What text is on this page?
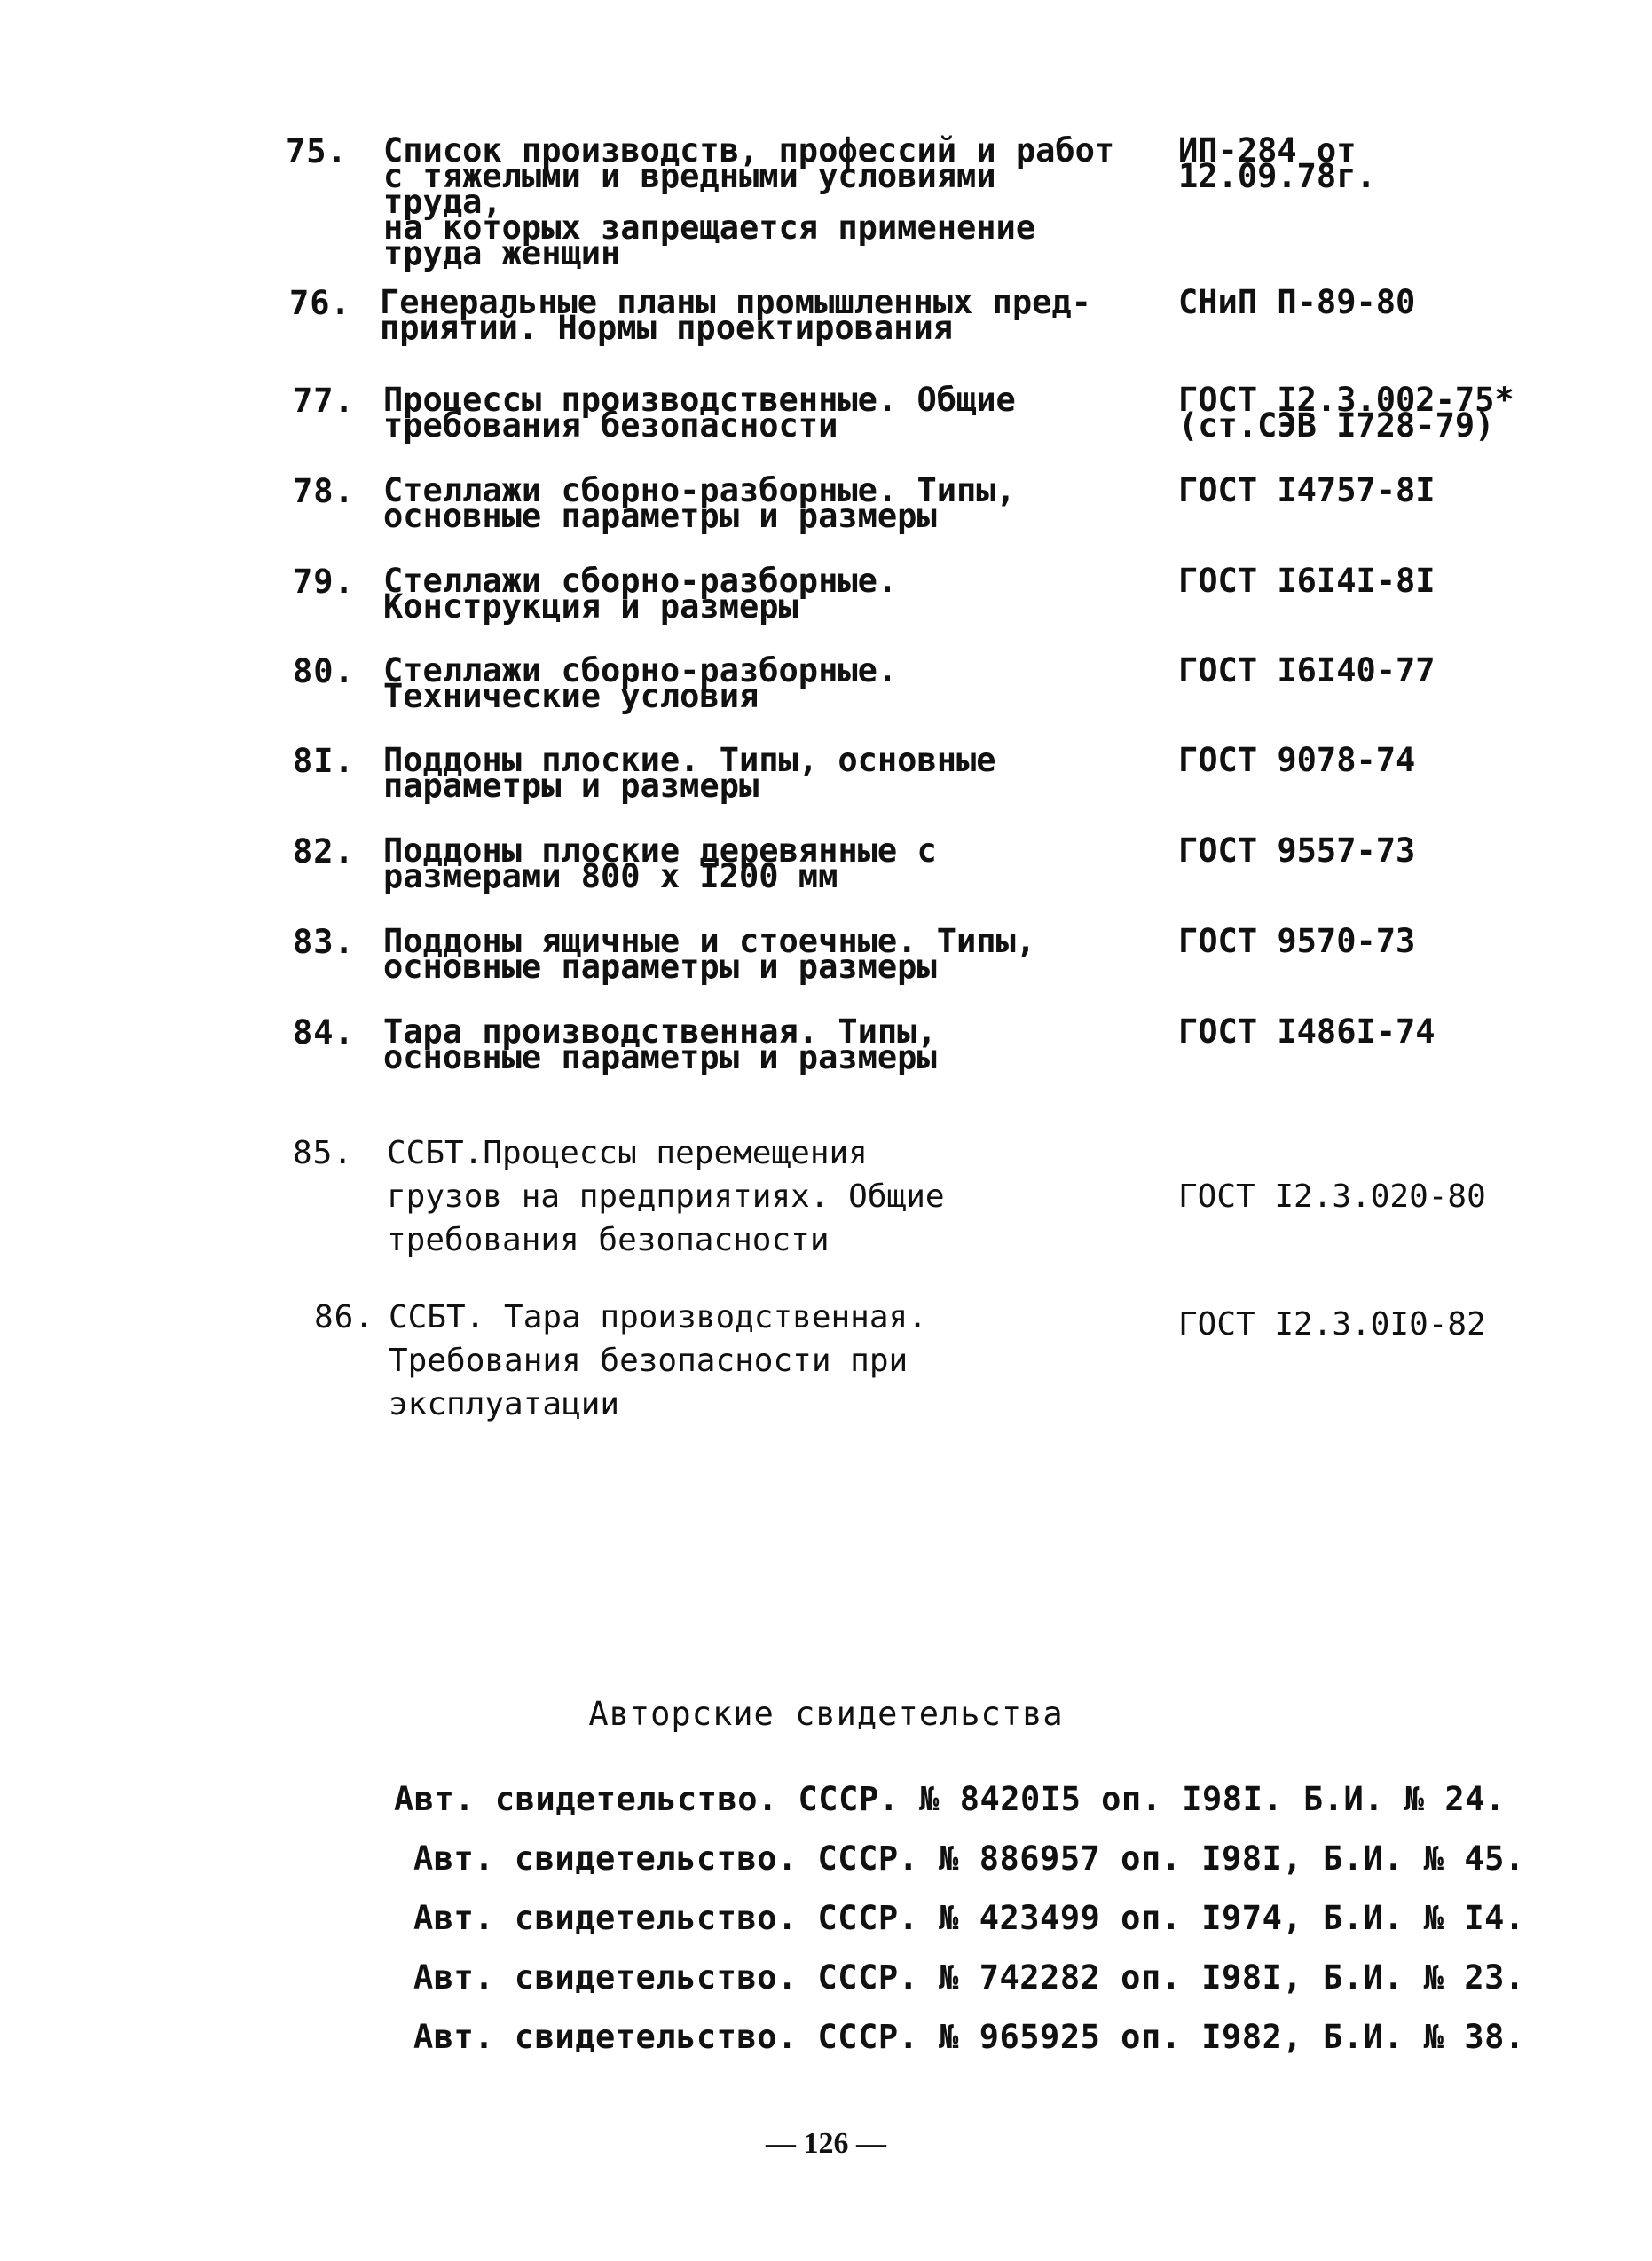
75. Список производств, профессий и работ
с тяжелыми и вредными условиями труда,
на которых запрещается применение
труда женщин
ИП-284 от
12.09.78г.
76. Генеральные планы промышленных пред-
приятий. Нормы проектирования
СНиП П-89-80
77. Процессы производственные. Общие
требования безопасности
ГОСТ I2.3.002-75*
(ст.СЭВ I728-79)
78. Стеллажи сборно-разборные. Типы,
основные параметры и размеры
ГОСТ I4757-8I
79. Стеллажи сборно-разборные.
Конструкция и размеры
ГОСТ I6I4I-8I
80. Стеллажи сборно-разборные.
Технические условия
ГОСТ I6I40-77
8I. Поддоны плоские. Типы, основные
параметры и размеры
ГОСТ 9078-74
82. Поддоны плоские деревянные с
размерами 800 x I200 мм
ГОСТ 9557-73
83. Поддоны ящичные и стоечные. Типы,
основные параметры и размеры
ГОСТ 9570-73
84. Тара производственная. Типы,
основные параметры и размеры
ГОСТ I486I-74
85. ССБТ.Процессы перемещения
грузов на предприятиях. Общие
требования безопасности
ГОСТ I2.3.020-80
86. ССБТ. Тара производственная.
Требования безопасности при
эксплуатации
ГОСТ I2.3.0I0-82
Авторские свидетельства
Авт. свидетельство. СССР. № 8420I5 оп. I98I. Б.И. № 24.
Авт. свидетельство. СССР. № 886957 оп. I98I, Б.И. № 45.
Авт. свидетельство. СССР. № 423499 оп. I974, Б.И. № I4.
Авт. свидетельство. СССР. № 742282 оп. I98I, Б.И. № 23.
Авт. свидетельство. СССР. № 965925 оп. I982, Б.И. № 38.
— 126 —
